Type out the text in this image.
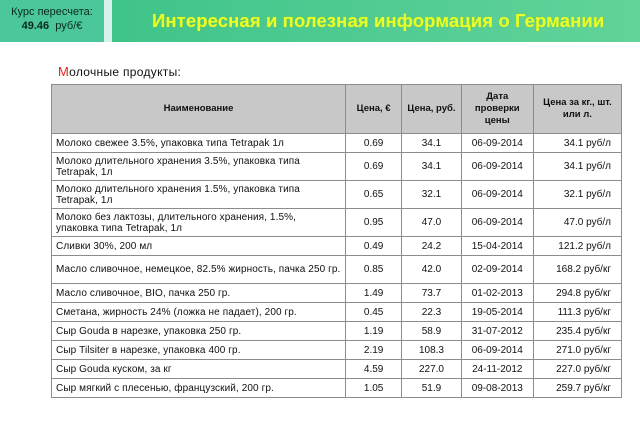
Курс пересчета:
49.46 руб/€	Интересная и полезная информация о Германии
Молочные продукты:
Наименование	Цена, €	Цена, руб.	Дата проверки цены	Цена за кг., шт. или л.
Молоко свежее 3.5%, упаковка типа Tetrapak 1л	0.69	34.1	06-09-2014	34.1 руб/л
Молоко длительного хранения 3.5%, упаковка типа Tetrapak, 1л	0.69	34.1	06-09-2014	34.1 руб/л
Молоко длительного хранения 1.5%, упаковка типа Tetrapak, 1л	0.65	32.1	06-09-2014	32.1 руб/л
Молоко без лактозы, длительного хранения, 1.5%, упаковка типа Tetrapak, 1л	0.95	47.0	06-09-2014	47.0 руб/л
Сливки 30%, 200 мл	0.49	24.2	15-04-2014	121.2 руб/л
Масло сливочное, немецкое, 82.5% жирность, пачка 250 гр.	0.85	42.0	02-09-2014	168.2 руб/кг
Масло сливочное, BIO, пачка 250 гр.	1.49	73.7	01-02-2013	294.8 руб/кг
Сметана, жирность 24% (ложка не падает), 200 гр.	0.45	22.3	19-05-2014	111.3 руб/кг
Сыр Gouda в нарезке, упаковка 250 гр.	1.19	58.9	31-07-2012	235.4 руб/кг
Сыр Tilsiter в нарезке, упаковка 400 гр.	2.19	108.3	06-09-2014	271.0 руб/кг
Сыр Gouda куском, за кг	4.59	227.0	24-11-2012	227.0 руб/кг
Сыр мягкий с плесенью, французский, 200 гр.	1.05	51.9	09-08-2013	259.7 руб/кг
